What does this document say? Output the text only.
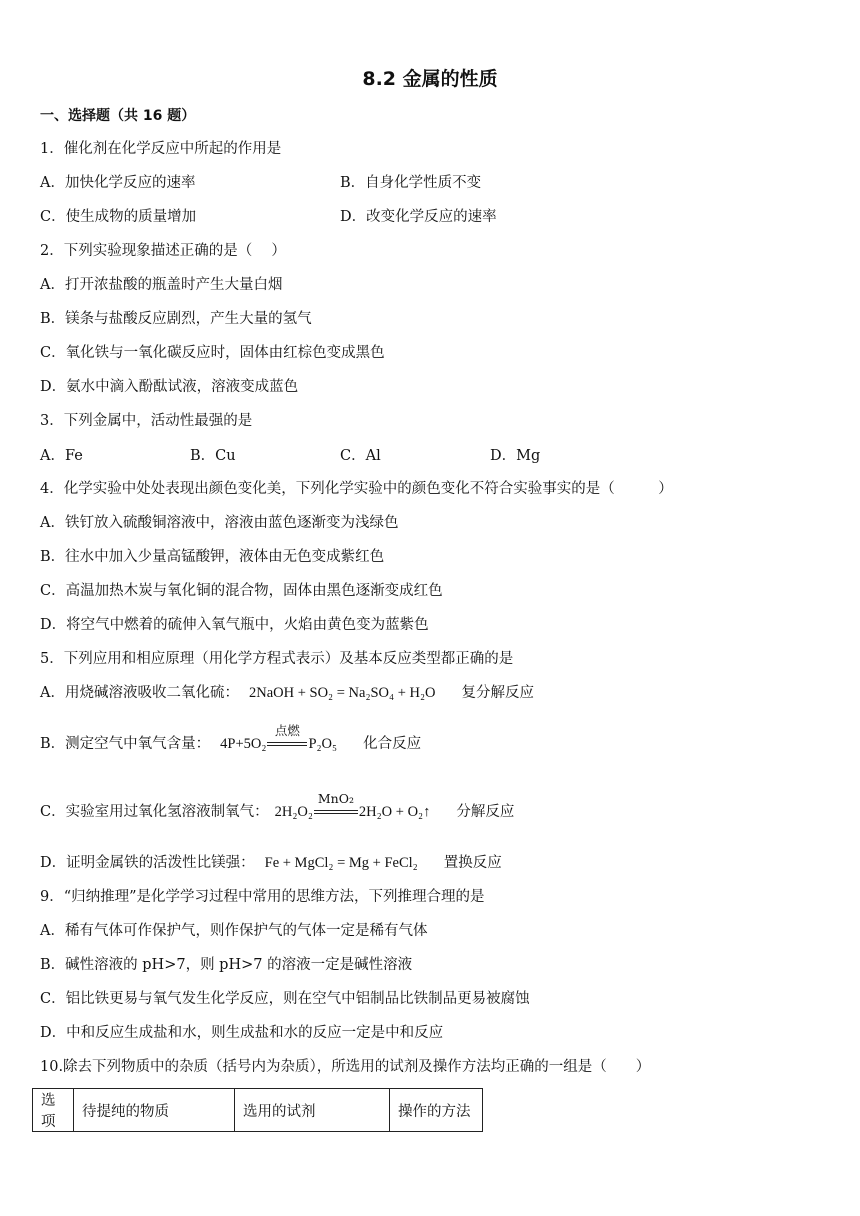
8.2 金属的性质
一、选择题（共 16 题）
1．催化剂在化学反应中所起的作用是
A．加快化学反应的速率	B．自身化学性质不变
C．使生成物的质量增加	D．改变化学反应的速率
2．下列实验现象描述正确的是（　 ）
A．打开浓盐酸的瓶盖时产生大量白烟
B．镁条与盐酸反应剧烈，产生大量的氢气
C．氧化铁与一氧化碳反应时，固体由红棕色变成黑色
D．氨水中滴入酚酞试液，溶液变成蓝色
3．下列金属中，活动性最强的是
A．Fe	B．Cu	C．Al	D．Mg
4．化学实验中处处表现出颜色变化美，下列化学实验中的颜色变化不符合实验事实的是（　　　）
A．铁钉放入硫酸铜溶液中，溶液由蓝色逐渐变为浅绿色
B．往水中加入少量高锰酸钾，液体由无色变成紫红色
C．高温加热木炭与氧化铜的混合物，固体由黑色逐渐变成红色
D．将空气中燃着的硫伸入氧气瓶中，火焰由黄色变为蓝紫色
5．下列应用和相应原理（用化学方程式表示）及基本反应类型都正确的是
A．用烧碱溶液吸收二氧化硫： 2NaOH + SO₂ = Na₂SO₄ + H₂O 复分解反应
B．测定空气中氧气含量： 4P+5O₂
点燃
P₂O₅ 化合反应
C．实验室用过氧化氢溶液制氧气： 2H₂O₂
MnO₂
2H₂O + O₂↑ 分解反应
D．证明金属铁的活泼性比镁强： Fe + MgCl₂ = Mg + FeCl₂ 置换反应
9．“归纳推理”是化学学习过程中常用的思维方法，下列推理合理的是
A．稀有气体可作保护气，则作保护气的气体一定是稀有气体
B．碱性溶液的 pH>7，则 pH>7 的溶液一定是碱性溶液
C．铝比铁更易与氧气发生化学反应，则在空气中铝制品比铁制品更易被腐蚀
D．中和反应生成盐和水，则生成盐和水的反应一定是中和反应
10.除去下列物质中的杂质（括号内为杂质），所选用的试剂及操作方法均正确的一组是（　　）
选项	待提纯的物质	选用的试剂	操作的方法
